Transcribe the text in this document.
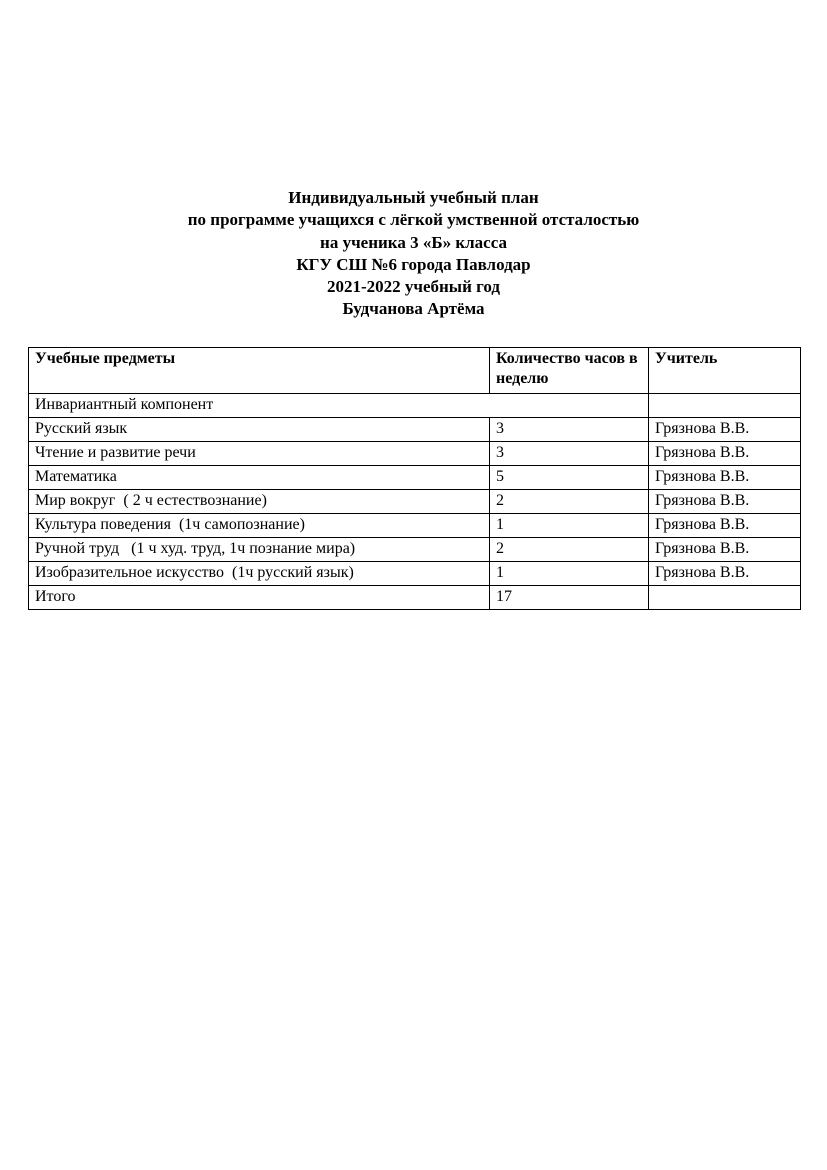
Индивидуальный учебный план
по программе учащихся с лёгкой умственной отсталостью
на ученика 3 «Б» класса
КГУ СШ №6 города Павлодар
2021-2022 учебный год
Будчанова Артёма
Учебные предметы	Количество часов в неделю	Учитель
Инвариантный компонент		
Русский язык	3	Грязнова В.В.
Чтение и развитие речи	3	Грязнова В.В.
Математика	5	Грязнова В.В.
Мир вокруг  ( 2 ч естествознание)	2	Грязнова В.В.
Культура поведения  (1ч самопознание)	1	Грязнова В.В.
Ручной труд   (1 ч худ. труд, 1ч познание мира)	2	Грязнова В.В.
Изобразительное искусство  (1ч русский язык)	1	Грязнова В.В.
Итого	17	
